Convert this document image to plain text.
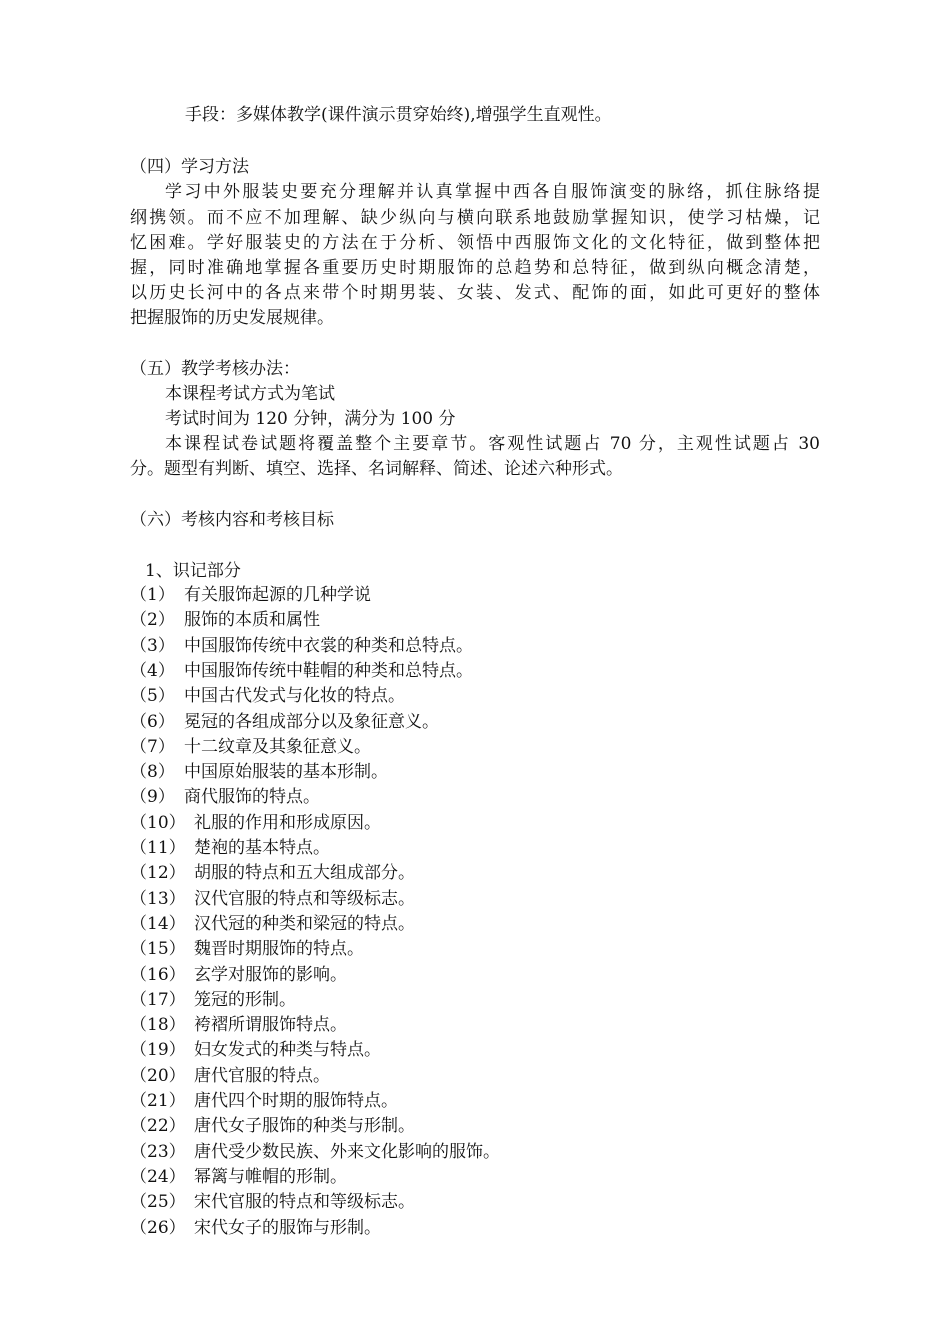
手段：多媒体教学(课件演示贯穿始终),增强学生直观性。
（四）学习方法
学习中外服装史要充分理解并认真掌握中西各自服饰演变的脉络，抓住脉络提
纲携领。而不应不加理解、缺少纵向与横向联系地鼓励掌握知识，使学习枯燥，记
忆困难。学好服装史的方法在于分析、领悟中西服饰文化的文化特征，做到整体把
握，同时准确地掌握各重要历史时期服饰的总趋势和总特征，做到纵向概念清楚，
以历史长河中的各点来带个时期男装、女装、发式、配饰的面，如此可更好的整体
把握服饰的历史发展规律。
（五）教学考核办法：
本课程考试方式为笔试
考试时间为 120 分钟，满分为 100 分
本课程试卷试题将覆盖整个主要章节。客观性试题占 70 分，主观性试题占 30
分。题型有判断、填空、选择、名词解释、简述、论述六种形式。
（六）考核内容和考核目标
1、识记部分
（1） 有关服饰起源的几种学说
（2） 服饰的本质和属性
（3） 中国服饰传统中衣裳的种类和总特点。
（4） 中国服饰传统中鞋帽的种类和总特点。
（5） 中国古代发式与化妆的特点。
（6） 冕冠的各组成部分以及象征意义。
（7） 十二纹章及其象征意义。
（8） 中国原始服装的基本形制。
（9） 商代服饰的特点。
（10） 礼服的作用和形成原因。
（11） 楚袍的基本特点。
（12） 胡服的特点和五大组成部分。
（13） 汉代官服的特点和等级标志。
（14） 汉代冠的种类和梁冠的特点。
（15） 魏晋时期服饰的特点。
（16） 玄学对服饰的影响。
（17） 笼冠的形制。
（18） 袴褶所谓服饰特点。
（19） 妇女发式的种类与特点。
（20） 唐代官服的特点。
（21） 唐代四个时期的服饰特点。
（22） 唐代女子服饰的种类与形制。
（23） 唐代受少数民族、外来文化影响的服饰。
（24） 幂篱与帷帽的形制。
（25） 宋代官服的特点和等级标志。
（26） 宋代女子的服饰与形制。
